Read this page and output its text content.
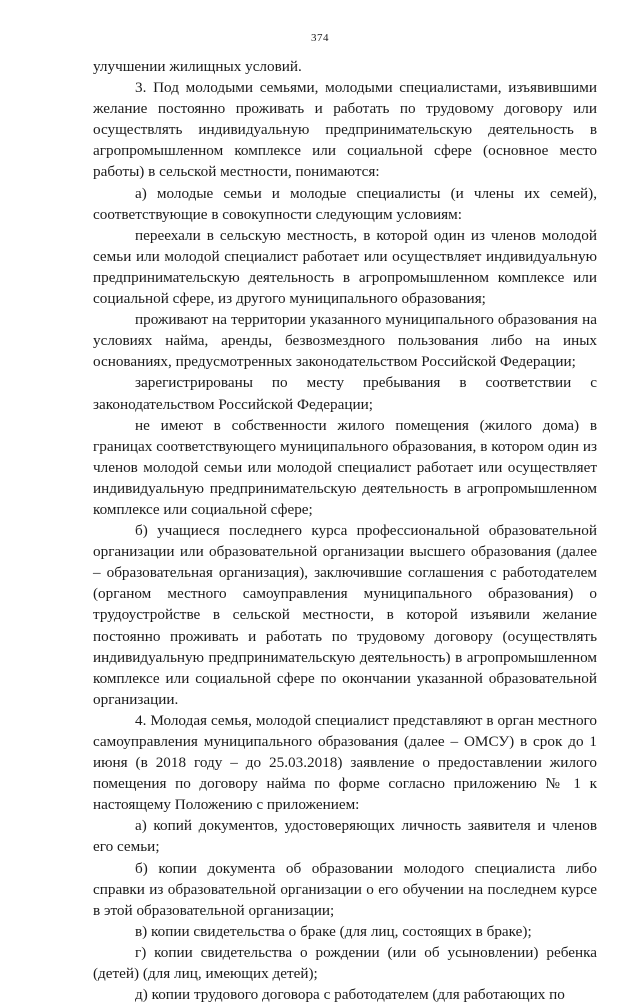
374

улучшении жилищных условий.

3. Под молодыми семьями, молодыми специалистами, изъявившими желание постоянно проживать и работать по трудовому договору или осуществлять индивидуальную предпринимательскую деятельность в агропромышленном комплексе или социальной сфере (основное место работы) в сельской местности, понимаются:

а) молодые семьи и молодые специалисты (и члены их семей), соответствующие в совокупности следующим условиям:

переехали в сельскую местность, в которой один из членов молодой семьи или молодой специалист работает или осуществляет индивидуальную предпринимательскую деятельность в агропромышленном комплексе или социальной сфере, из другого муниципального образования;

проживают на территории указанного муниципального образования на условиях найма, аренды, безвозмездного пользования либо на иных основаниях, предусмотренных законодательством Российской Федерации;

зарегистрированы по месту пребывания в соответствии с законодательством Российской Федерации;

не имеют в собственности жилого помещения (жилого дома) в границах соответствующего муниципального образования, в котором один из членов молодой семьи или молодой специалист работает или осуществляет индивидуальную предпринимательскую деятельность в агропромышленном комплексе или социальной сфере;

б) учащиеся последнего курса профессиональной образовательной организации или образовательной организации высшего образования (далее – образовательная организация), заключившие соглашения с работодателем (органом местного самоуправления муниципального образования) о трудоустройстве в сельской местности, в которой изъявили желание постоянно проживать и работать по трудовому договору (осуществлять индивидуальную предпринимательскую деятельность) в агропромышленном комплексе или социальной сфере по окончании указанной образовательной организации.

4. Молодая семья, молодой специалист представляют в орган местного самоуправления муниципального образования (далее – ОМСУ) в срок до 1 июня (в 2018 году – до 25.03.2018) заявление о предоставлении жилого помещения по договору найма по форме согласно приложению № 1 к настоящему Положению с приложением:

а) копий документов, удостоверяющих личность заявителя и членов его семьи;

б) копии документа об образовании молодого специалиста либо справки из образовательной организации о его обучении на последнем курсе в этой образовательной организации;

в) копии свидетельства о браке (для лиц, состоящих в браке);

г) копии свидетельства о рождении (или об усыновлении) ребенка (детей) (для лиц, имеющих детей);

д) копии трудового договора с работодателем (для работающих по
